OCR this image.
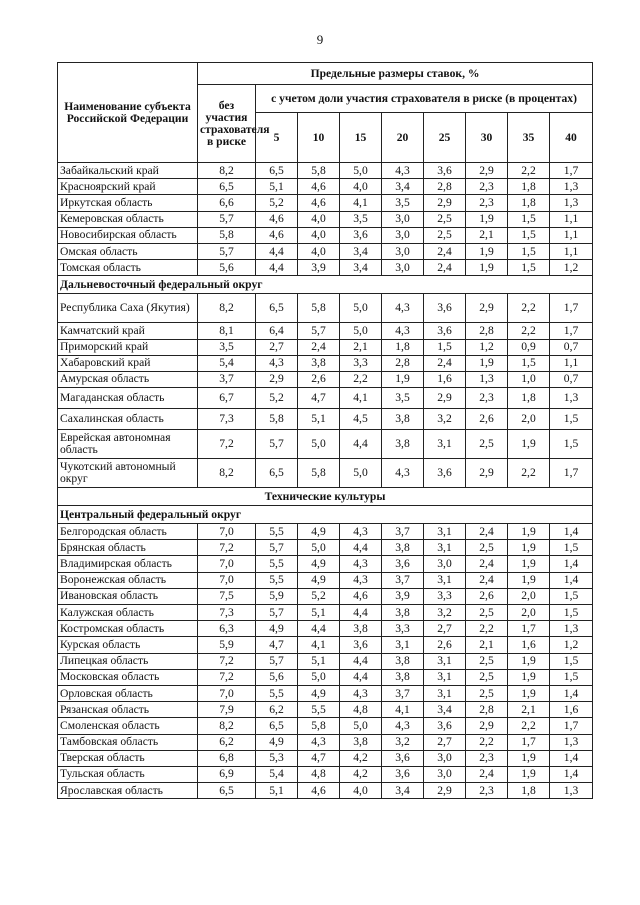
9
Наименование субъекта Российской Федерации	Предельные размеры ставок, %								
	без участия страхователя в риске	с учетом доли участия страхователя в риске (в процентах)							
		5	10	15	20	25	30	35	40
Забайкальский край	8,2	6,5	5,8	5,0	4,3	3,6	2,9	2,2	1,7
Красноярский край	6,5	5,1	4,6	4,0	3,4	2,8	2,3	1,8	1,3
Иркутская область	6,6	5,2	4,6	4,1	3,5	2,9	2,3	1,8	1,3
Кемеровская область	5,7	4,6	4,0	3,5	3,0	2,5	1,9	1,5	1,1
Новосибирская область	5,8	4,6	4,0	3,6	3,0	2,5	2,1	1,5	1,1
Омская область	5,7	4,4	4,0	3,4	3,0	2,4	1,9	1,5	1,1
Томская область	5,6	4,4	3,9	3,4	3,0	2,4	1,9	1,5	1,2
Дальневосточный федеральный округ									
Республика Саха (Якутия)	8,2	6,5	5,8	5,0	4,3	3,6	2,9	2,2	1,7
Камчатский край	8,1	6,4	5,7	5,0	4,3	3,6	2,8	2,2	1,7
Приморский край	3,5	2,7	2,4	2,1	1,8	1,5	1,2	0,9	0,7
Хабаровский край	5,4	4,3	3,8	3,3	2,8	2,4	1,9	1,5	1,1
Амурская область	3,7	2,9	2,6	2,2	1,9	1,6	1,3	1,0	0,7
Магаданская область	6,7	5,2	4,7	4,1	3,5	2,9	2,3	1,8	1,3
Сахалинская область	7,3	5,8	5,1	4,5	3,8	3,2	2,6	2,0	1,5
Еврейская автономная область	7,2	5,7	5,0	4,4	3,8	3,1	2,5	1,9	1,5
Чукотский автономный округ	8,2	6,5	5,8	5,0	4,3	3,6	2,9	2,2	1,7
Технические культуры									
Центральный федеральный округ									
Белгородская область	7,0	5,5	4,9	4,3	3,7	3,1	2,4	1,9	1,4
Брянская область	7,2	5,7	5,0	4,4	3,8	3,1	2,5	1,9	1,5
Владимирская область	7,0	5,5	4,9	4,3	3,6	3,0	2,4	1,9	1,4
Воронежская область	7,0	5,5	4,9	4,3	3,7	3,1	2,4	1,9	1,4
Ивановская область	7,5	5,9	5,2	4,6	3,9	3,3	2,6	2,0	1,5
Калужская область	7,3	5,7	5,1	4,4	3,8	3,2	2,5	2,0	1,5
Костромская область	6,3	4,9	4,4	3,8	3,3	2,7	2,2	1,7	1,3
Курская область	5,9	4,7	4,1	3,6	3,1	2,6	2,1	1,6	1,2
Липецкая область	7,2	5,7	5,1	4,4	3,8	3,1	2,5	1,9	1,5
Московская область	7,2	5,6	5,0	4,4	3,8	3,1	2,5	1,9	1,5
Орловская область	7,0	5,5	4,9	4,3	3,7	3,1	2,5	1,9	1,4
Рязанская область	7,9	6,2	5,5	4,8	4,1	3,4	2,8	2,1	1,6
Смоленская область	8,2	6,5	5,8	5,0	4,3	3,6	2,9	2,2	1,7
Тамбовская область	6,2	4,9	4,3	3,8	3,2	2,7	2,2	1,7	1,3
Тверская область	6,8	5,3	4,7	4,2	3,6	3,0	2,3	1,9	1,4
Тульская область	6,9	5,4	4,8	4,2	3,6	3,0	2,4	1,9	1,4
Ярославская область	6,5	5,1	4,6	4,0	3,4	2,9	2,3	1,8	1,3
